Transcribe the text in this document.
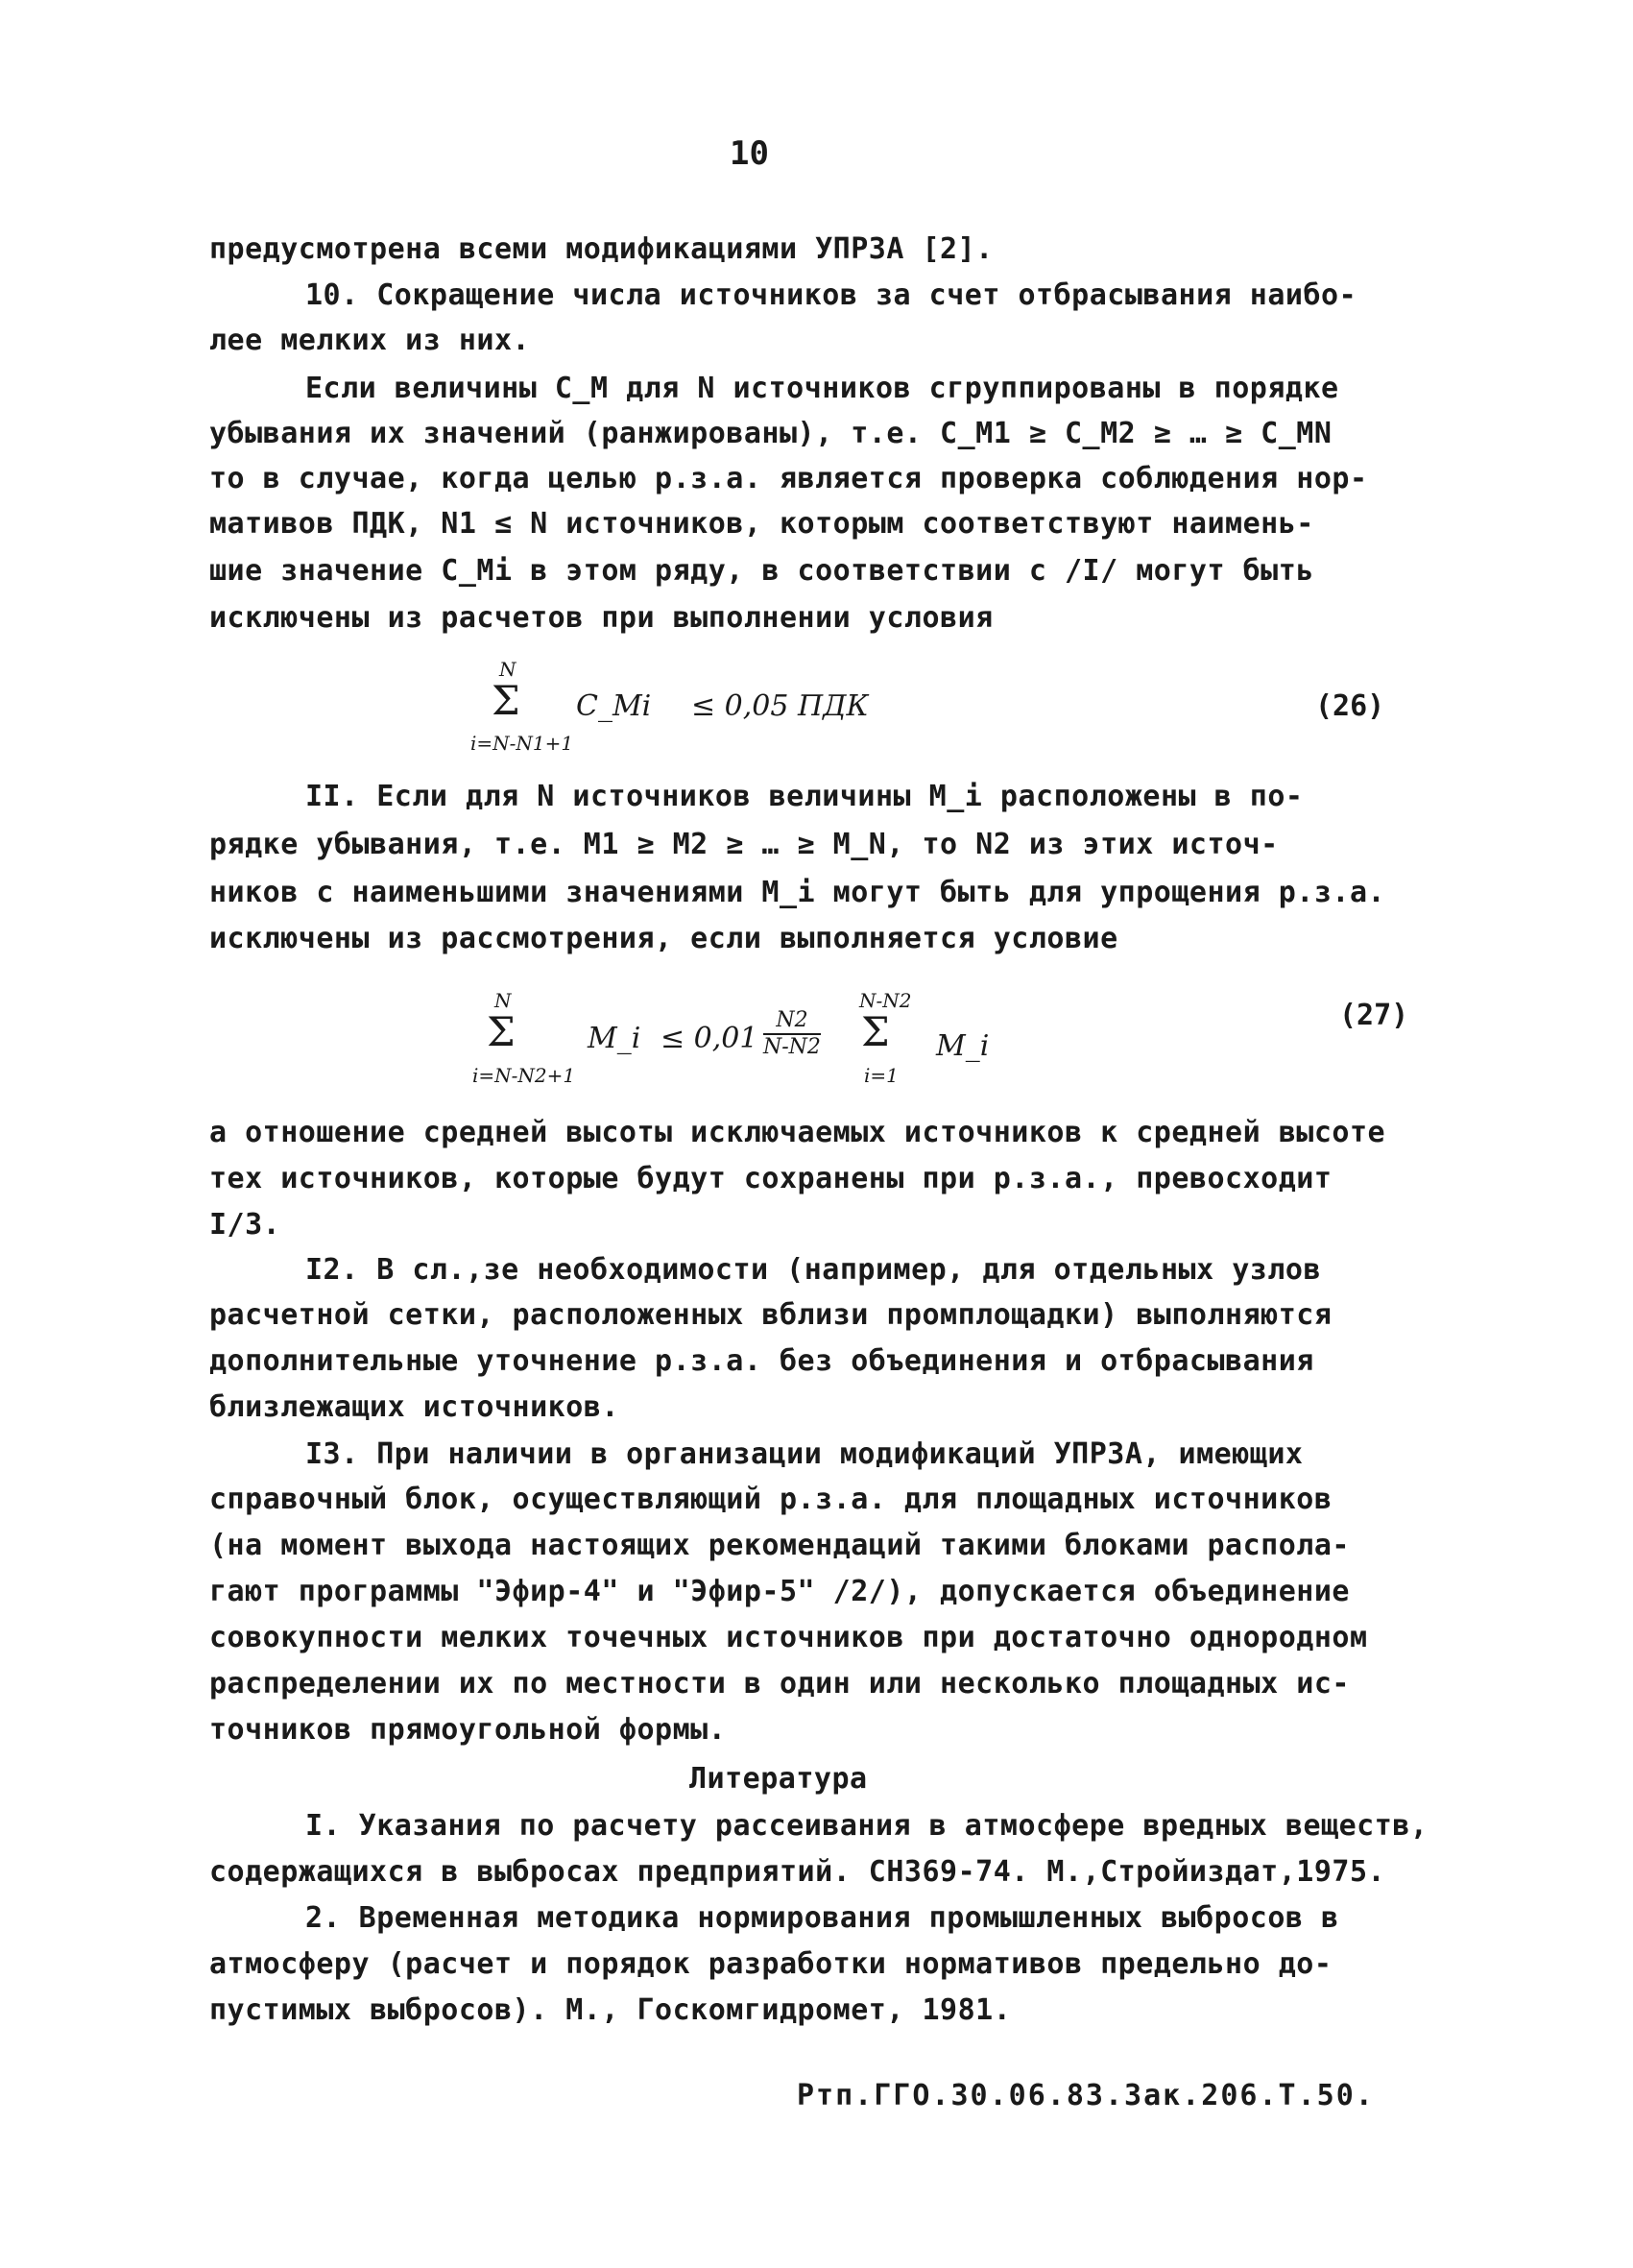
10
предусмотрена всеми модификациями УПРЗА [2].
10. Сокращение числа источников за счет отбрасывания наибо-
лее мелких из них.
Если величины C_M для N источников сгруппированы в порядке
убывания их значений (ранжированы), т.е. C_M1 ≥ C_M2 ≥ … ≥ C_MN
то в случае, когда целью р.з.а. является проверка соблюдения нор-
мативов ПДК, N1 ≤ N источников, которым соответствуют наимень-
шие значение C_Mi в этом ряду, в соответствии с /I/ могут быть
исключены из расчетов при выполнении условия
N
Σ
i=N-N1+1
C_Mi ≤ 0,05 ПДК	(26)
II. Если для N источников величины M_i расположены в по-
рядке убывания, т.е. M1 ≥ M2 ≥ … ≥ M_N, то N2 из этих источ-
ников с наименьшими значениями M_i могут быть для упрощения р.з.а.
исключены из рассмотрения, если выполняется условие
N
Σ
i=N-N2+1
M_i ≤ $0,01 \frac{N2}{N-N2}$
N-N2
Σ
i=1
M_i
(27)
а отношение средней высоты исключаемых источников к средней высоте
тех источников, которые будут сохранены при р.з.а., превосходит
I/3.
I2. В сл.,зе необходимости (например, для отдельных узлов
расчетной сетки, расположенных вблизи промплощадки) выполняются
дополнительные уточнение р.з.а. без объединения и отбрасывания
близлежащих источников.
I3. При наличии в организации модификаций УПРЗА, имеющих
справочный блок, осуществляющий р.з.а. для площадных источников
(на момент выхода настоящих рекомендаций такими блоками распола-
гают программы "Эфир-4" и "Эфир-5" /2/), допускается объединение
совокупности мелких точечных источников при достаточно однородном
распределении их по местности в один или несколько площадных ис-
точников прямоугольной формы.
Литература
I. Указания по расчету рассеивания в атмосфере вредных веществ,
содержащихся в выбросах предприятий. СН369-74. М.,Стройиздат,1975.
2. Временная методика нормирования промышленных выбросов в
атмосферу (расчет и порядок разработки нормативов предельно до-
пустимых выбросов). М., Госкомгидромет, 1981.
Ртп.ГГО.30.06.83.Зак.206.Т.50.
